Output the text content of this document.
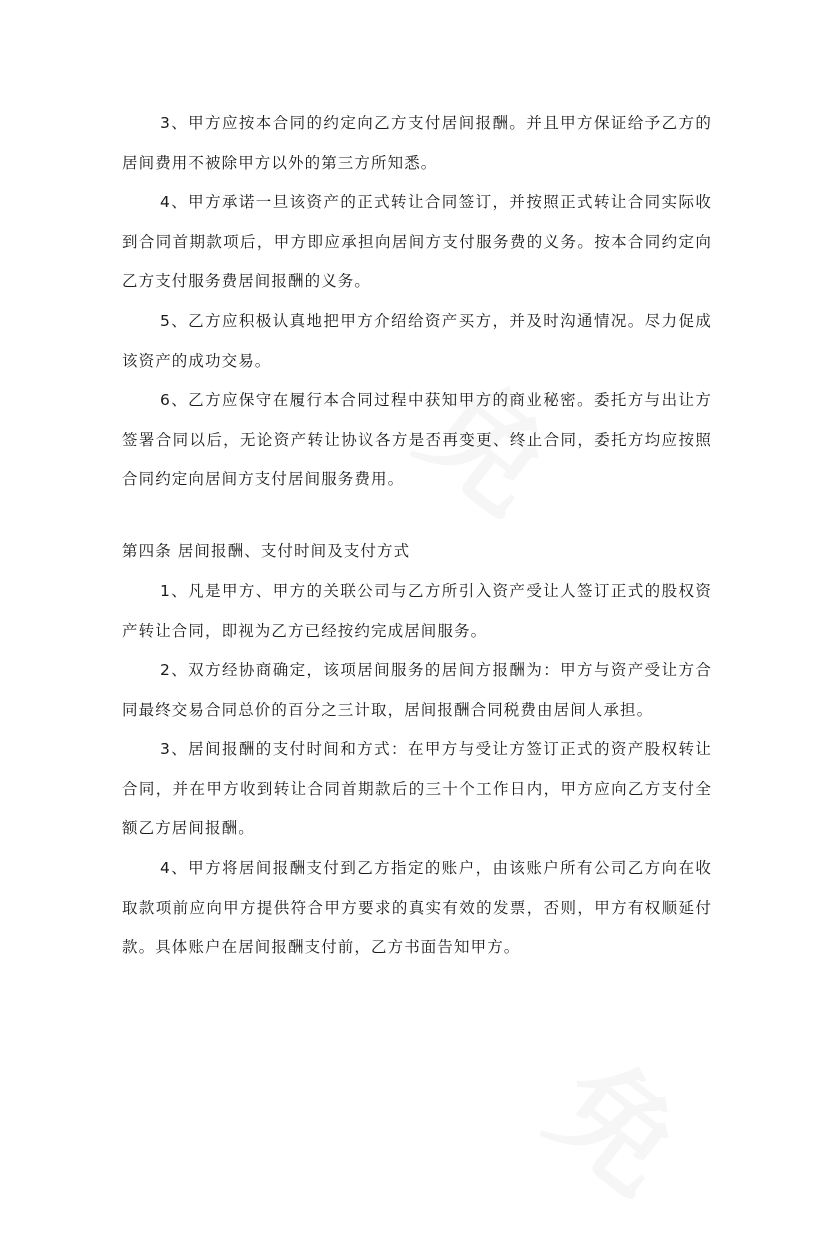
3、甲方应按本合同的约定向乙方支付居间报酬。并且甲方保证给予乙方的居间费用不被除甲方以外的第三方所知悉。

4、甲方承诺一旦该资产的正式转让合同签订，并按照正式转让合同实际收到合同首期款项后，甲方即应承担向居间方支付服务费的义务。按本合同约定向乙方支付服务费居间报酬的义务。

5、乙方应积极认真地把甲方介绍给资产买方，并及时沟通情况。尽力促成该资产的成功交易。

6、乙方应保守在履行本合同过程中获知甲方的商业秘密。委托方与出让方签署合同以后，无论资产转让协议各方是否再变更、终止合同，委托方均应按照合同约定向居间方支付居间服务费用。

第四条 居间报酬、支付时间及支付方式

1、凡是甲方、甲方的关联公司与乙方所引入资产受让人签订正式的股权资产转让合同，即视为乙方已经按约完成居间服务。

2、双方经协商确定，该项居间服务的居间方报酬为：甲方与资产受让方合同最终交易合同总价的百分之三计取，居间报酬合同税费由居间人承担。

3、居间报酬的支付时间和方式：在甲方与受让方签订正式的资产股权转让合同，并在甲方收到转让合同首期款后的三十个工作日内，甲方应向乙方支付全额乙方居间报酬。

4、甲方将居间报酬支付到乙方指定的账户，由该账户所有公司乙方向在收取款项前应向甲方提供符合甲方要求的真实有效的发票，否则，甲方有权顺延付款。具体账户在居间报酬支付前，乙方书面告知甲方。
